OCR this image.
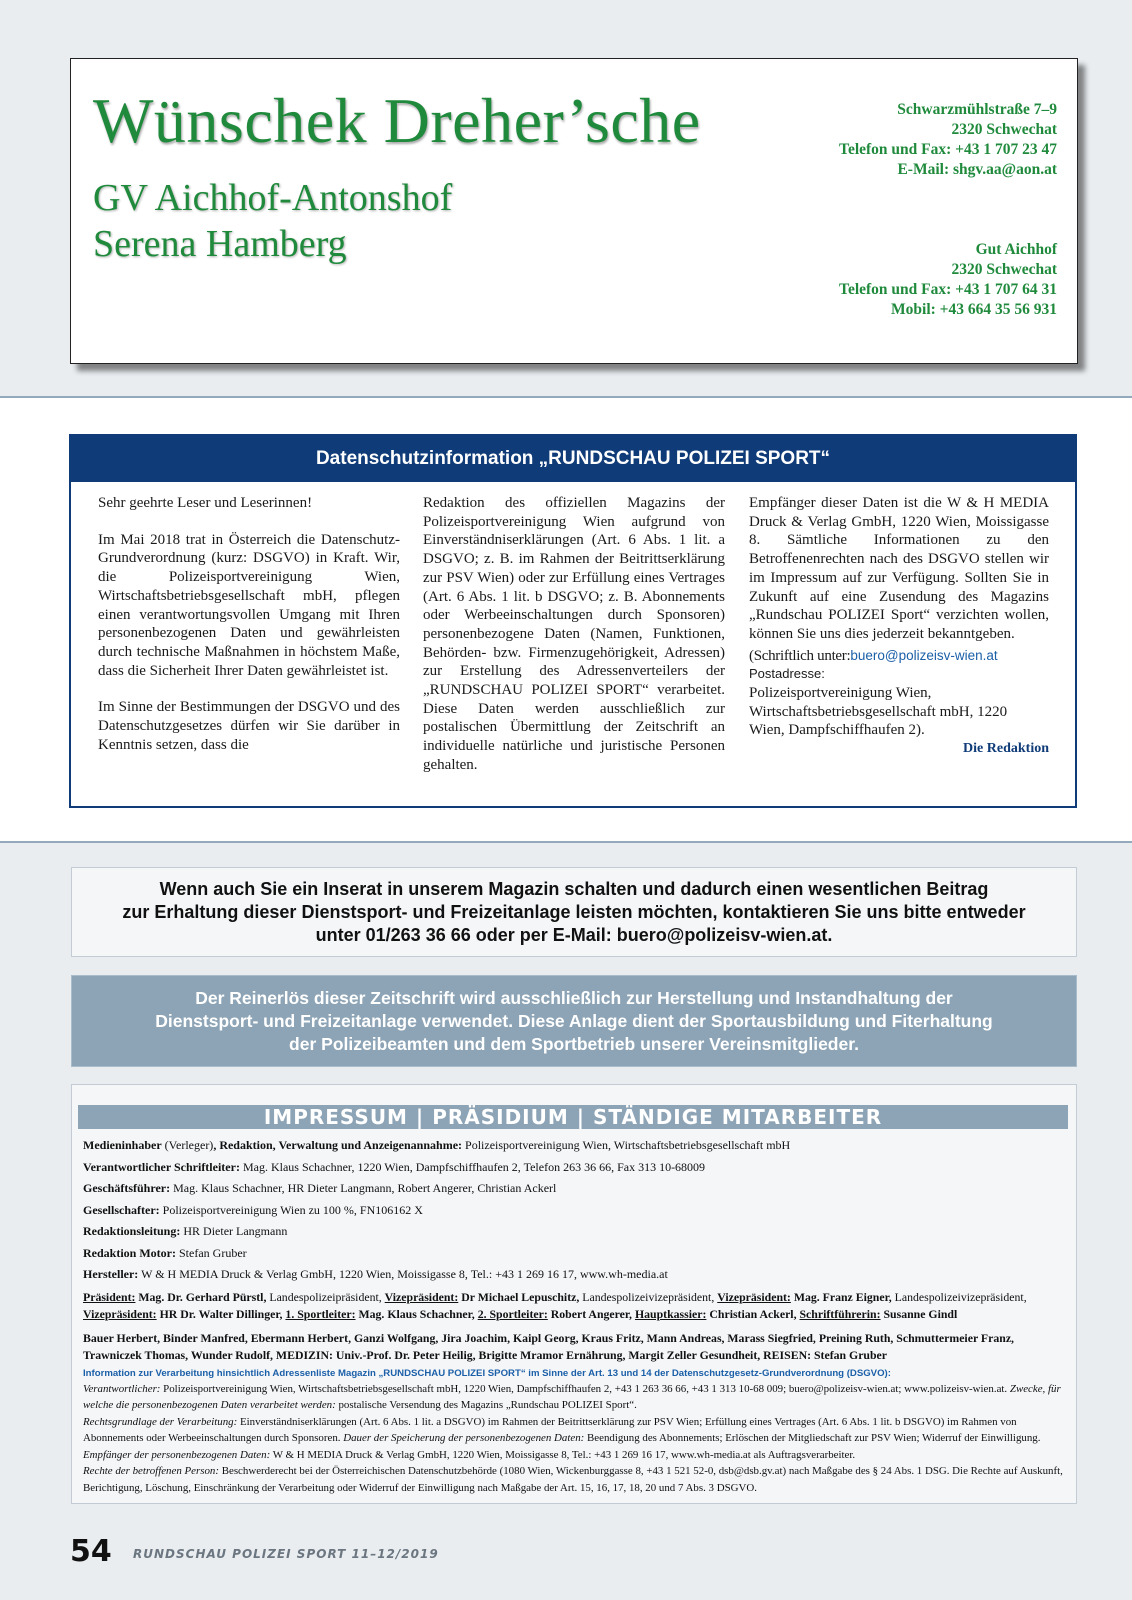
Wünschek Dreher’sche
GV Aichhof-Antonshof
Serena Hamberg
Schwarzmühlstraße 7–9
2320 Schwechat
Telefon und Fax: +43 1 707 23 47
E-Mail: shgv.aa@aon.at
Gut Aichhof
2320 Schwechat
Telefon und Fax: +43 1 707 64 31
Mobil: +43 664 35 56 931
Datenschutzinformation „RUNDSCHAU POLIZEI SPORT“

Sehr geehrte Leser und Leserinnen!

Im Mai 2018 trat in Österreich die Datenschutz-Grundverordnung (kurz: DSGVO) in Kraft. Wir, die Polizeisportvereinigung Wien, Wirtschaftsbetriebsgesellschaft mbH, pflegen einen verantwortungsvollen Umgang mit Ihren personenbezogenen Daten und gewährleisten durch technische Maßnahmen in höchstem Maße, dass die Sicherheit Ihrer Daten gewährleistet ist.

Im Sinne der Bestimmungen der DSGVO und des Datenschutzgesetzes dürfen wir Sie darüber in Kenntnis setzen, dass die

Redaktion des offiziellen Magazins der Polizeisportvereinigung Wien aufgrund von Einverständniserklärungen (Art. 6 Abs. 1 lit. a DSGVO; z. B. im Rahmen der Beitrittserklärung zur PSV Wien) oder zur Erfüllung eines Vertrages (Art. 6 Abs. 1 lit. b DSGVO; z. B. Abonnements oder Werbeeinschaltungen durch Sponsoren) personenbezogene Daten (Namen, Funktionen, Behörden- bzw. Firmenzugehörigkeit, Adressen) zur Erstellung des Adressenverteilers der „RUNDSCHAU POLIZEI SPORT“ verarbeitet. Diese Daten werden ausschließlich zur postalischen Übermittlung der Zeitschrift an individuelle natürliche und juristische Personen gehalten.

Empfänger dieser Daten ist die W & H MEDIA Druck & Verlag GmbH, 1220 Wien, Moissigasse 8. Sämtliche Informationen zu den Betroffenenrechten nach des DSGVO stellen wir im Impressum auf zur Verfügung. Sollten Sie in Zukunft auf eine Zusendung des Magazins „Rundschau POLIZEI Sport“ verzichten wollen, können Sie uns dies jederzeit bekanntgeben.

(Schriftlich unter:buero@polizeisv-wien.at

Postadresse:

Polizeisportvereinigung Wien,

Wirtschaftsbetriebsgesellschaft mbH, 1220

Wien, Dampfschiffhaufen 2).

Die Redaktion

Wenn auch Sie ein Inserat in unserem Magazin schalten und dadurch einen wesentlichen Beitrag
zur Erhaltung dieser Dienstsport- und Freizeitanlage leisten möchten, kontaktieren Sie uns bitte entweder
unter 01/263 36 66 oder per E-Mail: buero@polizeisv-wien.at.
Der Reinerlös dieser Zeitschrift wird ausschließlich zur Herstellung und Instandhaltung der
Dienstsport- und Freizeitanlage verwendet. Diese Anlage dient der Sportausbildung und Fiterhaltung
der Polizeibeamten und dem Sportbetrieb unserer Vereinsmitglieder.
IMPRESSUM | PRÄSIDIUM | STÄNDIGE MITARBEITER

Medieninhaber (Verleger), Redaktion, Verwaltung und Anzeigenannahme: Polizeisportvereinigung Wien, Wirtschaftsbetriebsgesellschaft mbH

Verantwortlicher Schriftleiter: Mag. Klaus Schachner, 1220 Wien, Dampfschiffhaufen 2, Telefon 263 36 66, Fax 313 10-68009

Geschäftsführer: Mag. Klaus Schachner, HR Dieter Langmann, Robert Angerer, Christian Ackerl

Gesellschafter: Polizeisportvereinigung Wien zu 100 %, FN106162 X

Redaktionsleitung: HR Dieter Langmann

Redaktion Motor: Stefan Gruber

Hersteller: W & H MEDIA Druck & Verlag GmbH, 1220 Wien, Moissigasse 8, Tel.: +43 1 269 16 17, www.wh-media.at

Präsident: Mag. Dr. Gerhard Pürstl, Landespolizeipräsident, Vizepräsident: Dr Michael Lepuschitz, Landespolizeivizepräsident, Vizepräsident: Mag. Franz Eigner, Landespolizeivizepräsident, Vizepräsident: HR Dr. Walter Dillinger, 1. Sportleiter: Mag. Klaus Schachner, 2. Sportleiter: Robert Angerer, Hauptkassier: Christian Ackerl, Schriftführerin: Susanne Gindl

Bauer Herbert, Binder Manfred, Ebermann Herbert, Ganzi Wolfgang, Jira Joachim, Kaipl Georg, Kraus Fritz, Mann Andreas, Marass Siegfried, Preining Ruth, Schmuttermeier Franz,
Trawniczek Thomas, Wunder Rudolf, MEDIZIN: Univ.-Prof. Dr. Peter Heilig, Brigitte Mramor Ernährung, Margit Zeller Gesundheit, REISEN: Stefan Gruber

Information zur Verarbeitung hinsichtlich Adressenliste Magazin „RUNDSCHAU POLIZEI SPORT“ im Sinne der Art. 13 und 14 der Datenschutzgesetz-Grundverordnung (DSGVO):

Verantwortlicher: Polizeisportvereinigung Wien, Wirtschaftsbetriebsgesellschaft mbH, 1220 Wien, Dampfschiffhaufen 2, +43 1 263 36 66, +43 1 313 10-68 009; buero@polizeisv-wien.at; www.polizeisv-wien.at. Zwecke, für welche die personenbezogenen Daten verarbeitet werden: postalische Versendung des Magazins „Rundschau POLIZEI Sport“.
Rechtsgrundlage der Verarbeitung: Einverständniserklärungen (Art. 6 Abs. 1 lit. a DSGVO) im Rahmen der Beitrittserklärung zur PSV Wien; Erfüllung eines Vertrages (Art. 6 Abs. 1 lit. b DSGVO) im Rahmen von Abonnements oder Werbeeinschaltungen durch Sponsoren. Dauer der Speicherung der personenbezogenen Daten: Beendigung des Abonnements; Erlöschen der Mitgliedschaft zur PSV Wien; Widerruf der Einwilligung. Empfänger der personenbezogenen Daten: W & H MEDIA Druck & Verlag GmbH, 1220 Wien, Moissigasse 8, Tel.: +43 1 269 16 17, www.wh-media.at als Auftragsverarbeiter.
Rechte der betroffenen Person: Beschwerderecht bei der Österreichischen Datenschutzbehörde (1080 Wien, Wickenburggasse 8, +43 1 521 52-0, dsb@dsb.gv.at) nach Maßgabe des § 24 Abs. 1 DSG. Die Rechte auf Auskunft, Berichtigung, Löschung, Einschränkung der Verarbeitung oder Widerruf der Einwilligung nach Maßgabe der Art. 15, 16, 17, 18, 20 und 7 Abs. 3 DSGVO.

54 RUNDSCHAU POLIZEI SPORT 11–12/2019
